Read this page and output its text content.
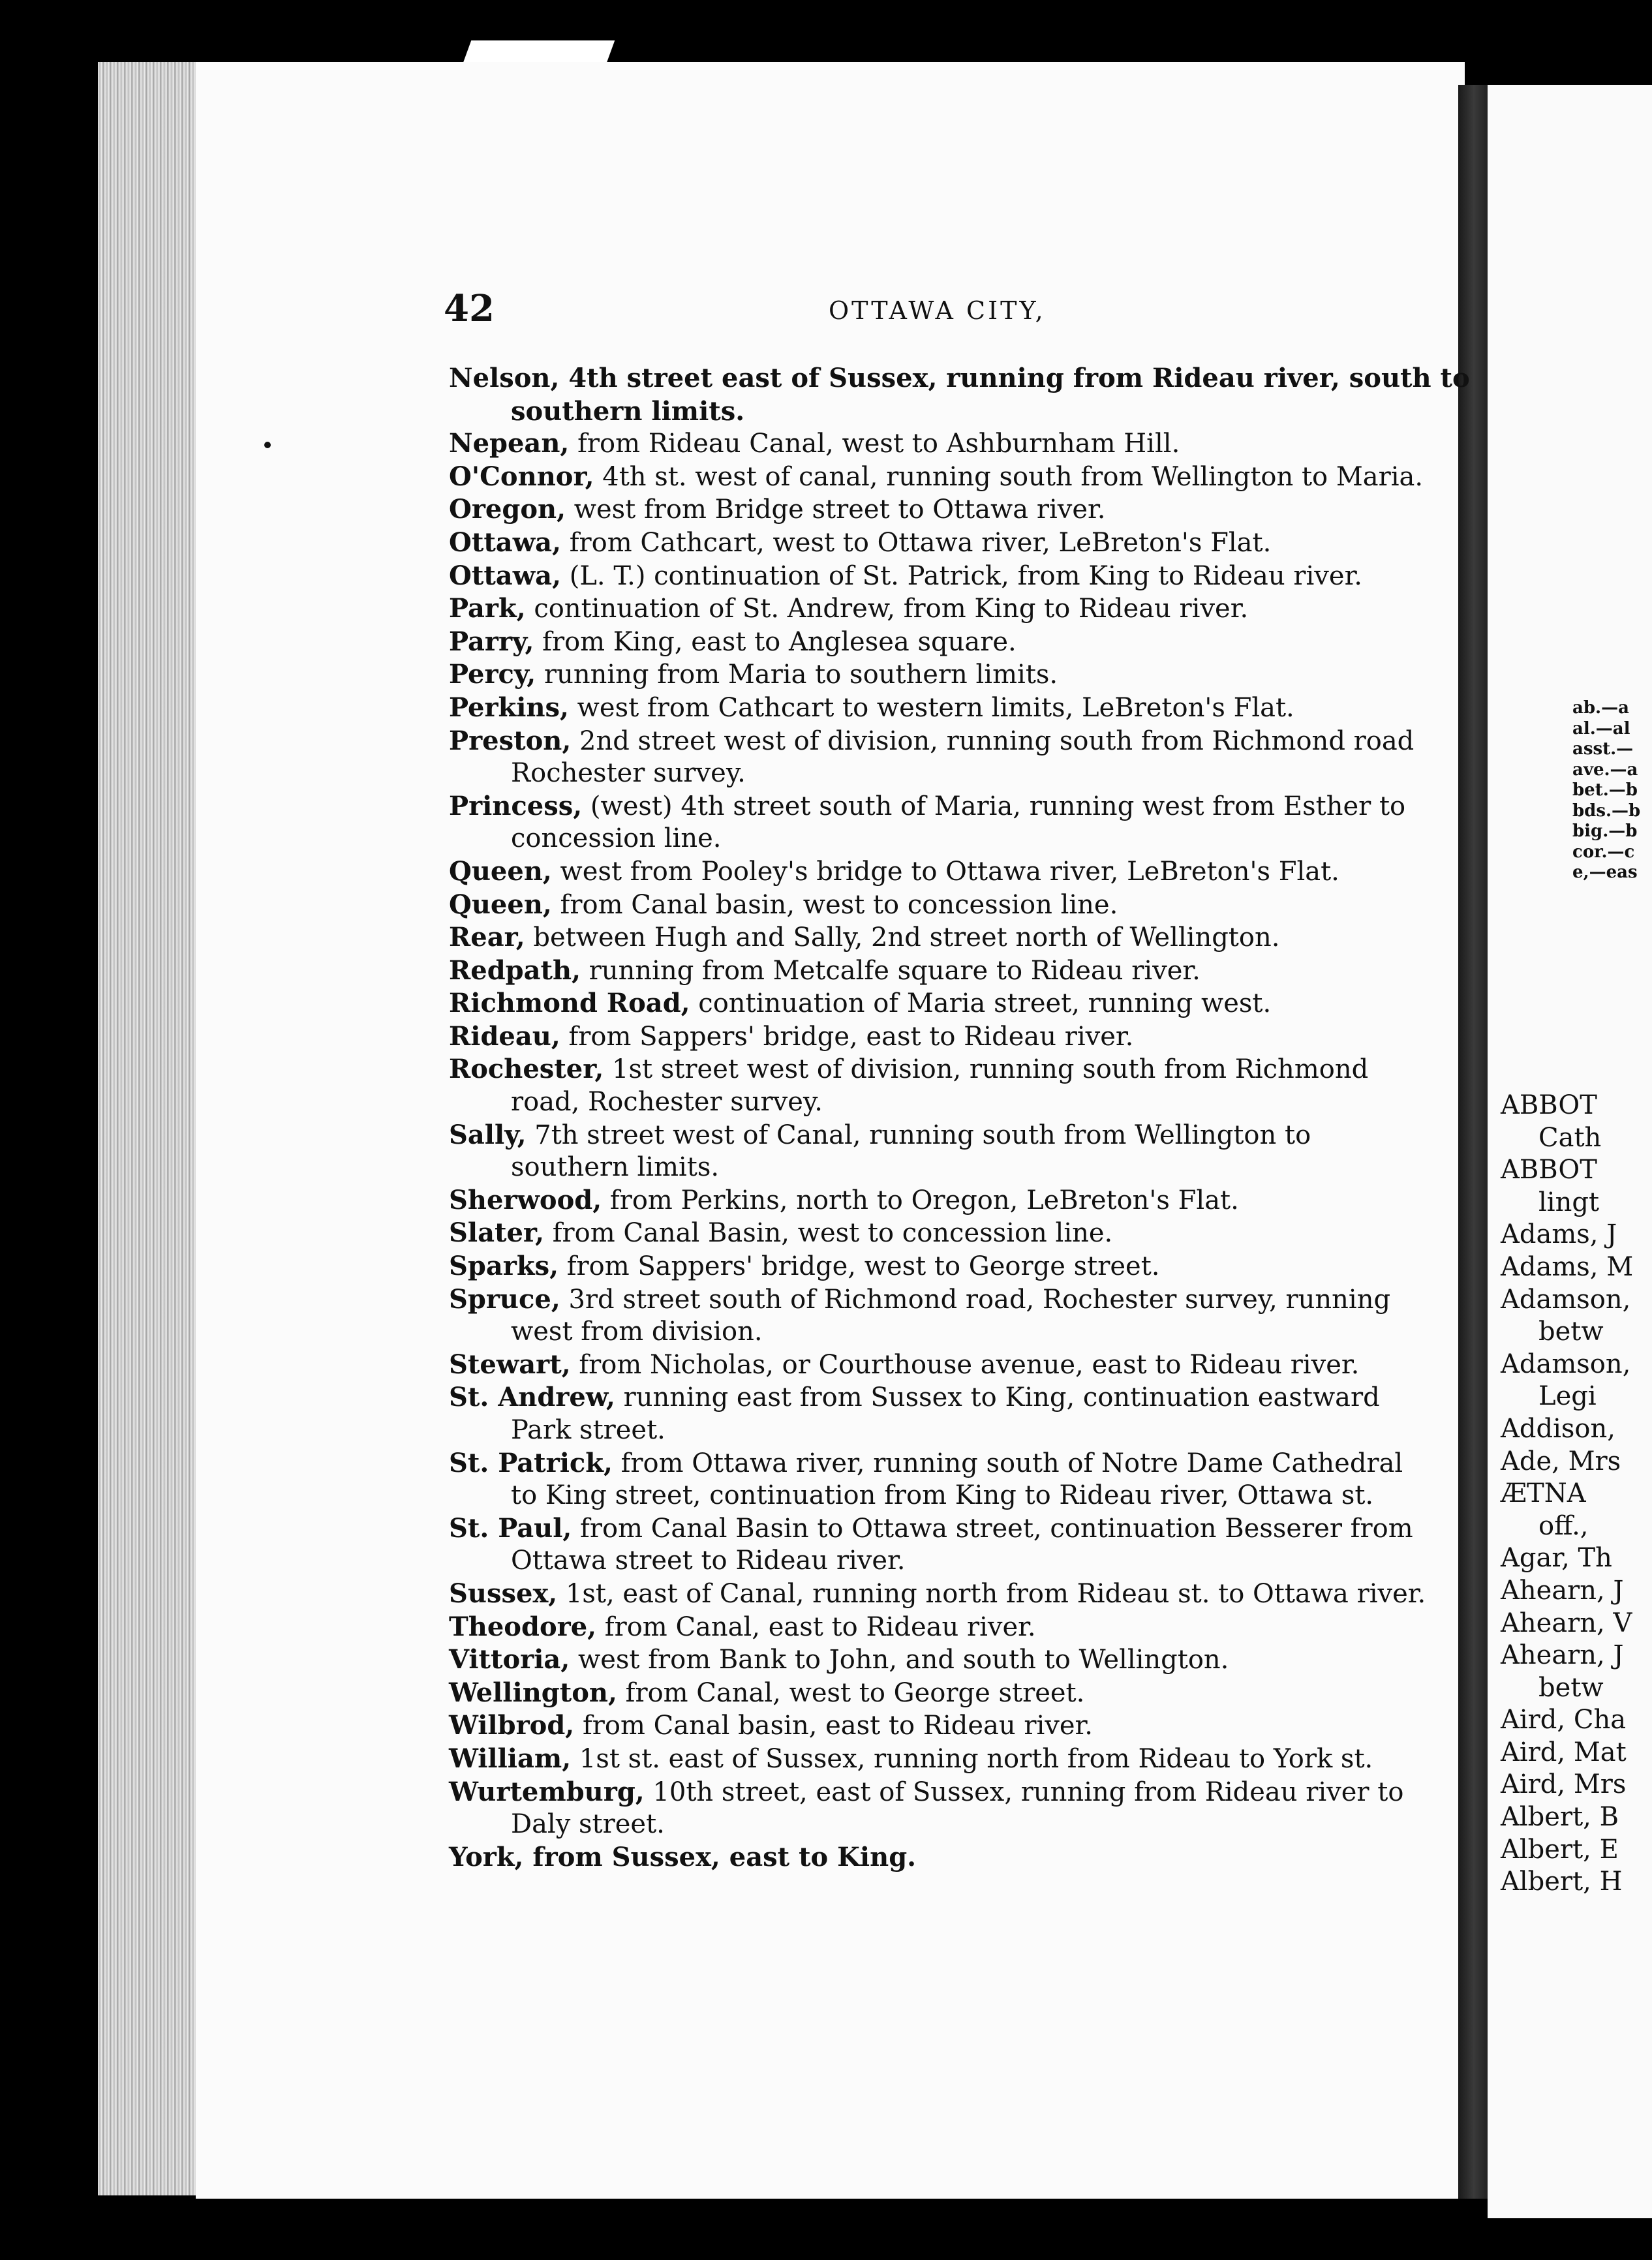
42	OTTAWA CITY,
Nelson, 4th street east of Sussex, running from Rideau river, south to
southern limits.
Nepean, from Rideau Canal, west to Ashburnham Hill.
O'Connor, 4th st. west of canal, running south from Wellington to Maria.
Oregon, west from Bridge street to Ottawa river.
Ottawa, from Cathcart, west to Ottawa river, LeBreton's Flat.
Ottawa, (L. T.) continuation of St. Patrick, from King to Rideau river.
Park, continuation of St. Andrew, from King to Rideau river.
Parry, from King, east to Anglesea square.
Percy, running from Maria to southern limits.
Perkins, west from Cathcart to western limits, LeBreton's Flat.
Preston, 2nd street west of division, running south from Richmond road
Rochester survey.
Princess, (west) 4th street south of Maria, running west from Esther to
concession line.
Queen, west from Pooley's bridge to Ottawa river, LeBreton's Flat.
Queen, from Canal basin, west to concession line.
Rear, between Hugh and Sally, 2nd street north of Wellington.
Redpath, running from Metcalfe square to Rideau river.
Richmond Road, continuation of Maria street, running west.
Rideau, from Sappers' bridge, east to Rideau river.
Rochester, 1st street west of division, running south from Richmond
road, Rochester survey.
Sally, 7th street west of Canal, running south from Wellington to
southern limits.
Sherwood, from Perkins, north to Oregon, LeBreton's Flat.
Slater, from Canal Basin, west to concession line.
Sparks, from Sappers' bridge, west to George street.
Spruce, 3rd street south of Richmond road, Rochester survey, running
west from division.
Stewart, from Nicholas, or Courthouse avenue, east to Rideau river.
St. Andrew, running east from Sussex to King, continuation eastward
Park street.
St. Patrick, from Ottawa river, running south of Notre Dame Cathedral
to King street, continuation from King to Rideau river, Ottawa st.
St. Paul, from Canal Basin to Ottawa street, continuation Besserer from
Ottawa street to Rideau river.
Sussex, 1st, east of Canal, running north from Rideau st. to Ottawa river.
Theodore, from Canal, east to Rideau river.
Vittoria, west from Bank to John, and south to Wellington.
Wellington, from Canal, west to George street.
Wilbrod, from Canal basin, east to Rideau river.
William, 1st st. east of Sussex, running north from Rideau to York st.
Wurtemburg, 10th street, east of Sussex, running from Rideau river to
Daly street.
York, from Sussex, east to King.
ab.—a
al.—al
asst.—
ave.—a
bet.—b
bds.—b
big.—b
cor.—c
e,—eas
ABBOT
Cath
ABBOT
lingt
Adams, J
Adams, M
Adamson,
betw
Adamson,
Legi
Addison,
Ade, Mrs
ÆTNA
off.,
Agar, Th
Ahearn, J
Ahearn, V
Ahearn, J
betw
Aird, Cha
Aird, Mat
Aird, Mrs
Albert, B
Albert, E
Albert, H
